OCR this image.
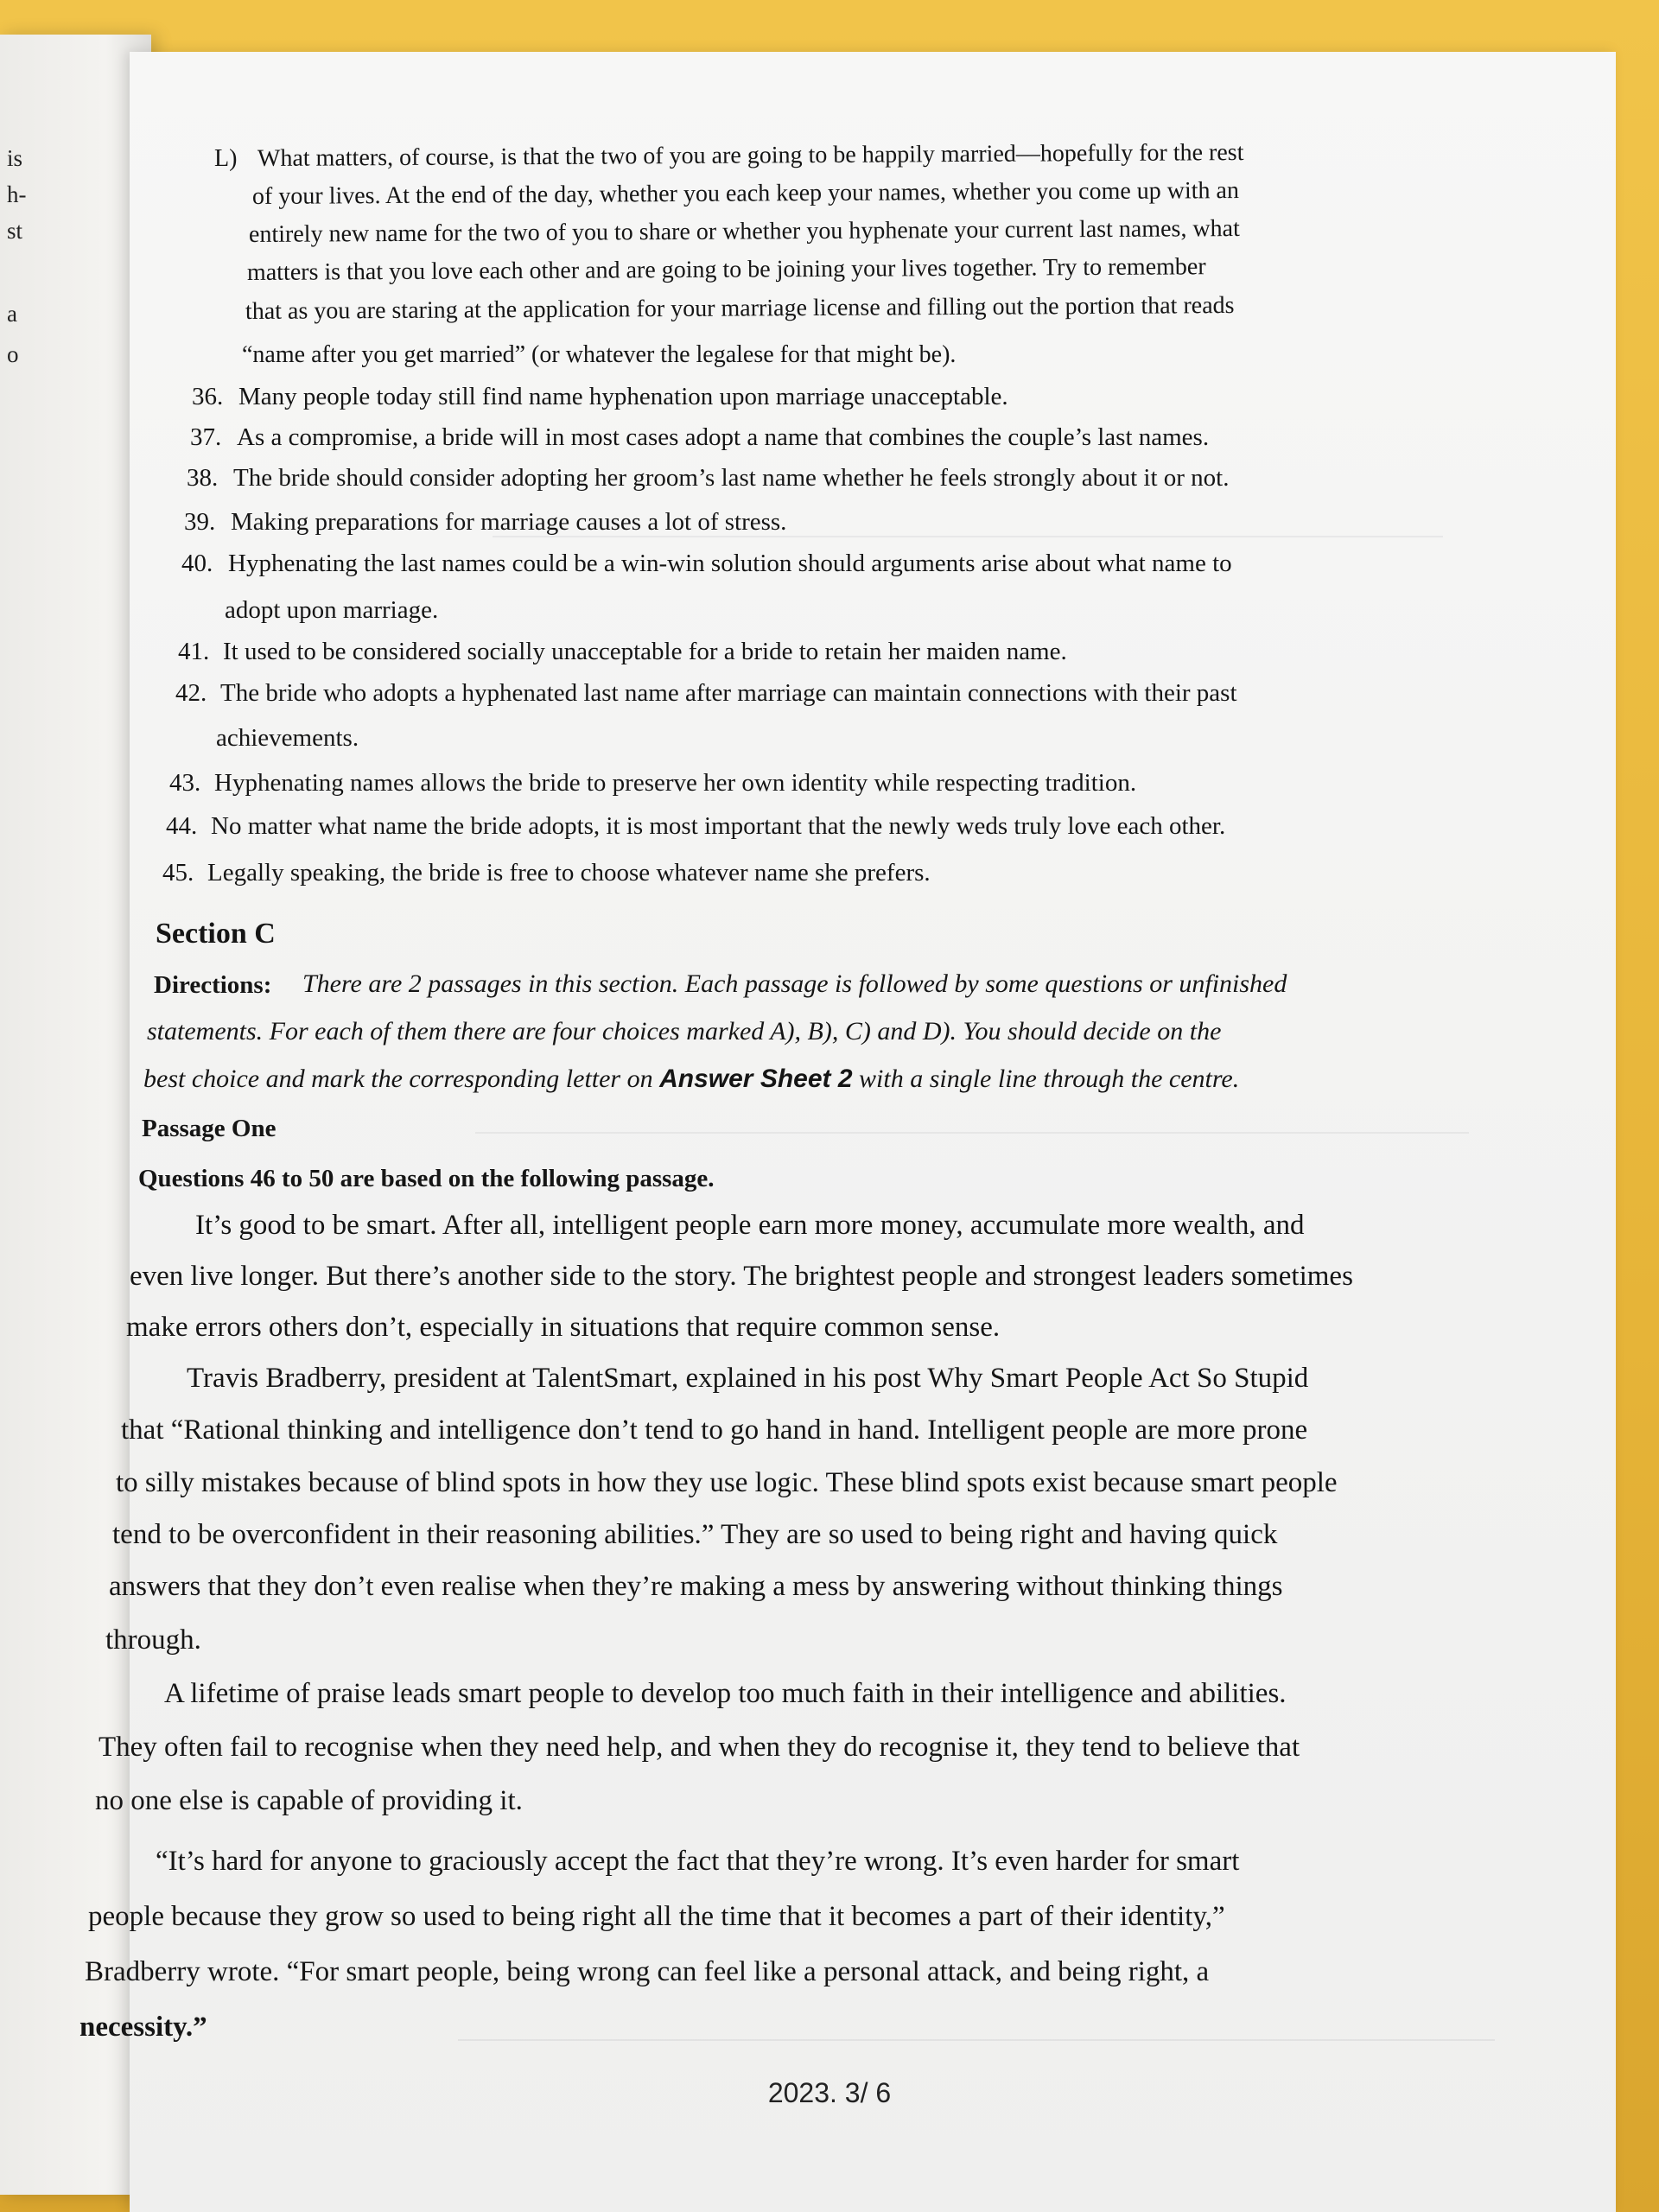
is
h-
st
a
o
L) What matters, of course, is that the two of you are going to be happily married—hopefully for the rest
of your lives. At the end of the day, whether you each keep your names, whether you come up with an
entirely new name for the two of you to share or whether you hyphenate your current last names, what
matters is that you love each other and are going to be joining your lives together. Try to remember
that as you are staring at the application for your marriage license and filling out the portion that reads
“name after you get married” (or whatever the legalese for that might be).
36. Many people today still find name hyphenation upon marriage unacceptable.
37. As a compromise, a bride will in most cases adopt a name that combines the couple’s last names.
38. The bride should consider adopting her groom’s last name whether he feels strongly about it or not.
39. Making preparations for marriage causes a lot of stress.
40. Hyphenating the last names could be a win-win solution should arguments arise about what name to
adopt upon marriage.
41. It used to be considered socially unacceptable for a bride to retain her maiden name.
42. The bride who adopts a hyphenated last name after marriage can maintain connections with their past
achievements.
43. Hyphenating names allows the bride to preserve her own identity while respecting tradition.
44. No matter what name the bride adopts, it is most important that the newly weds truly love each other.
45. Legally speaking, the bride is free to choose whatever name she prefers.
Section C
Directions: There are 2 passages in this section. Each passage is followed by some questions or unfinished
statements. For each of them there are four choices marked A), B), C) and D). You should decide on the
best choice and mark the corresponding letter on Answer Sheet 2 with a single line through the centre.
Passage One
Questions 46 to 50 are based on the following passage.
It’s good to be smart. After all, intelligent people earn more money, accumulate more wealth, and
even live longer. But there’s another side to the story. The brightest people and strongest leaders sometimes
make errors others don’t, especially in situations that require common sense.
Travis Bradberry, president at TalentSmart, explained in his post Why Smart People Act So Stupid
that “Rational thinking and intelligence don’t tend to go hand in hand. Intelligent people are more prone
to silly mistakes because of blind spots in how they use logic. These blind spots exist because smart people
tend to be overconfident in their reasoning abilities.” They are so used to being right and having quick
answers that they don’t even realise when they’re making a mess by answering without thinking things
through.
A lifetime of praise leads smart people to develop too much faith in their intelligence and abilities.
They often fail to recognise when they need help, and when they do recognise it, they tend to believe that
no one else is capable of providing it.
“It’s hard for anyone to graciously accept the fact that they’re wrong. It’s even harder for smart
people because they grow so used to being right all the time that it becomes a part of their identity,”
Bradberry wrote. “For smart people, being wrong can feel like a personal attack, and being right, a
necessity.”
2023. 3/ 6
